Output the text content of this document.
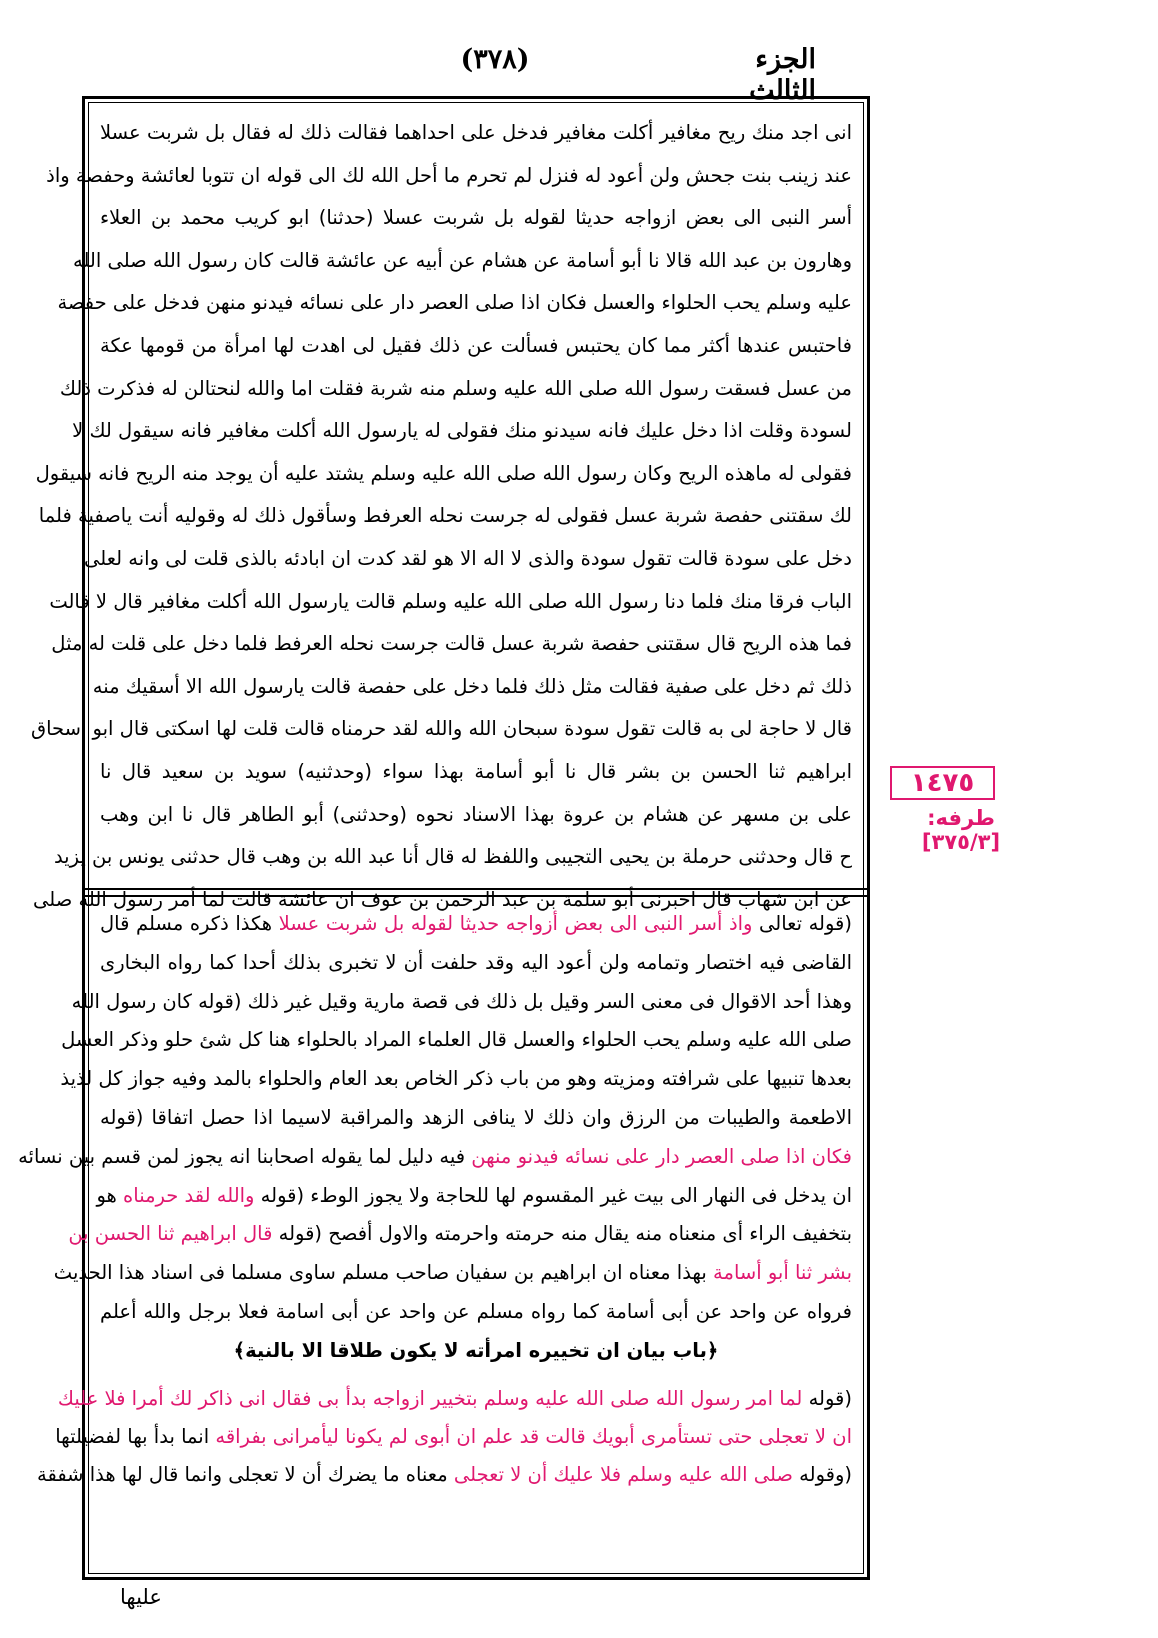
الجزء الثالث
(٣٧٨)
انى اجد منك ريح مغافير أكلت مغافير فدخل على احداهما فقالت ذلك له فقال بل شربت عسلا
عند زينب بنت جحش ولن أعود له فنزل لم تحرم ما أحل الله لك الى قوله ان تتوبا لعائشة وحفصة واذ
أسر النبى الى بعض ازواجه حديثا لقوله بل شربت عسلا (حدثنا) ابو كريب محمد بن العلاء
وهارون بن عبد الله قالا نا أبو أسامة عن هشام عن أبيه عن عائشة قالت كان رسول الله صلى الله
عليه وسلم يحب الحلواء والعسل فكان اذا صلى العصر دار على نسائه فيدنو منهن فدخل على حفصة
فاحتبس عندها أكثر مما كان يحتبس فسألت عن ذلك فقيل لى اهدت لها امرأة من قومها عكة
من عسل فسقت رسول الله صلى الله عليه وسلم منه شربة فقلت اما والله لنحتالن له فذكرت ذلك
لسودة وقلت اذا دخل عليك فانه سيدنو منك فقولى له يارسول الله أكلت مغافير فانه سيقول لك لا
فقولى له ماهذه الريح وكان رسول الله صلى الله عليه وسلم يشتد عليه أن يوجد منه الريح فانه سيقول
لك سقتنى حفصة شربة عسل فقولى له جرست نحله العرفط وسأقول ذلك له وقوليه أنت ياصفية فلما
دخل على سودة قالت تقول سودة والذى لا اله الا هو لقد كدت ان ابادئه بالذى قلت لى وانه لعلى
الباب فرقا منك فلما دنا رسول الله صلى الله عليه وسلم قالت يارسول الله أكلت مغافير قال لا قالت
فما هذه الريح قال سقتنى حفصة شربة عسل قالت جرست نحله العرفط فلما دخل على قلت له مثل
ذلك ثم دخل على صفية فقالت مثل ذلك فلما دخل على حفصة قالت يارسول الله الا أسقيك منه
قال لا حاجة لى به قالت تقول سودة سبحان الله والله لقد حرمناه قالت قلت لها اسكتى قال ابو اسحاق
ابراهيم ثنا الحسن بن بشر قال نا أبو أسامة بهذا سواء (وحدثنيه) سويد بن سعيد قال نا
على بن مسهر عن هشام بن عروة بهذا الاسناد نحوه (وحدثنى) أبو الطاهر قال نا ابن وهب
ح قال وحدثنى حرملة بن يحيى التجيبى واللفظ له قال أنا عبد الله بن وهب قال حدثنى يونس بن يزيد
عن ابن شهاب قال اخبرنى أبو سلمة بن عبد الرحمن بن عوف ان عائشة قالت لما أمر رسول الله صلى
(قوله تعالى واذ أسر النبى الى بعض أزواجه حديثا لقوله بل شربت عسلا هكذا ذكره مسلم قال
القاضى فيه اختصار وتمامه ولن أعود اليه وقد حلفت أن لا تخبرى بذلك أحدا كما رواه البخارى
وهذا أحد الاقوال فى معنى السر وقيل بل ذلك فى قصة مارية وقيل غير ذلك (قوله كان رسول الله
صلى الله عليه وسلم يحب الحلواء والعسل قال العلماء المراد بالحلواء هنا كل شئ حلو وذكر العسل
بعدها تنبيها على شرافته ومزيته وهو من باب ذكر الخاص بعد العام والحلواء بالمد وفيه جواز كل لذيذ
الاطعمة والطيبات من الرزق وان ذلك لا ينافى الزهد والمراقبة لاسيما اذا حصل اتفاقا (قوله
فكان اذا صلى العصر دار على نسائه فيدنو منهن فيه دليل لما يقوله اصحابنا انه يجوز لمن قسم بين نسائه
ان يدخل فى النهار الى بيت غير المقسوم لها للحاجة ولا يجوز الوطء (قوله والله لقد حرمناه هو
بتخفيف الراء أى منعناه منه يقال منه حرمته واحرمته والاول أفصح (قوله قال ابراهيم ثنا الحسن بن
بشر ثنا أبو أسامة بهذا معناه ان ابراهيم بن سفيان صاحب مسلم ساوى مسلما فى اسناد هذا الحديث
فرواه عن واحد عن أبى أسامة كما رواه مسلم عن واحد عن أبى اسامة فعلا برجل والله أعلم
﴿باب بيان ان تخييره امرأته لا يكون طلاقا الا بالنية﴾
(قوله لما امر رسول الله صلى الله عليه وسلم بتخيير ازواجه بدأ بى فقال انى ذاكر لك أمرا فلا عليك
ان لا تعجلى حتى تستأمرى أبويك قالت قد علم ان أبوى لم يكونا ليأمرانى بفراقه انما بدأ بها لفضيلتها
(وقوله صلى الله عليه وسلم فلا عليك أن لا تعجلى معناه ما يضرك أن لا تعجلى وانما قال لها هذا شفقة
١٤٧٥
طرفه: [٣٧٥/٣]
عليها
